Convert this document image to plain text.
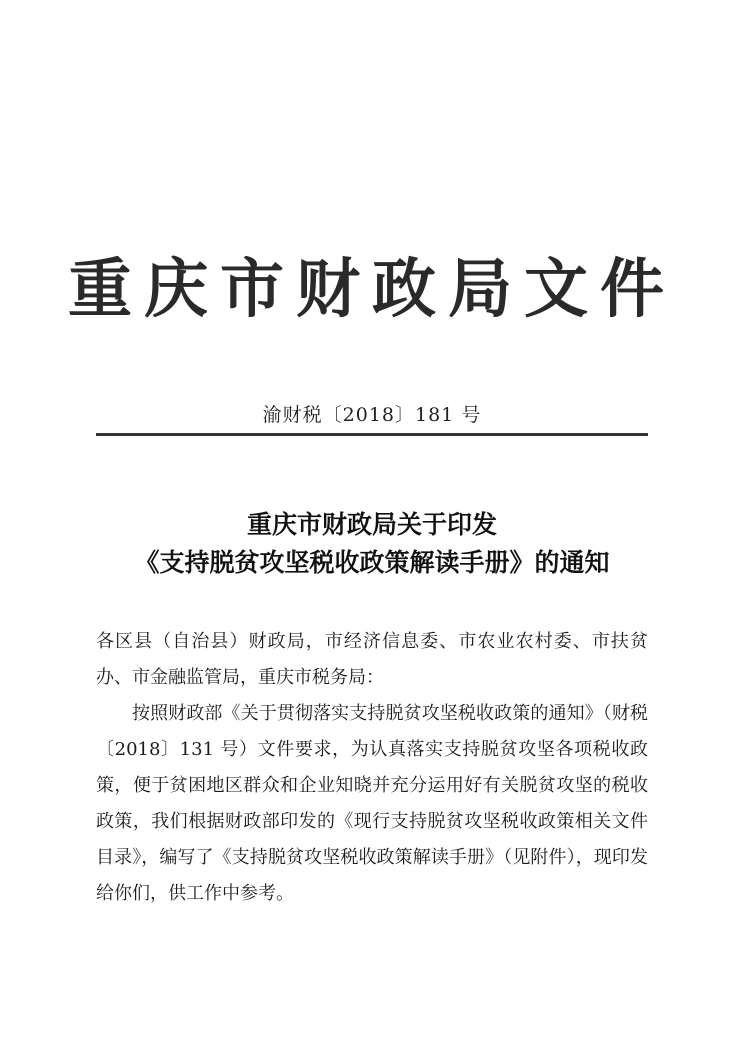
重庆市财政局文件
渝财税〔2018〕181 号
重庆市财政局关于印发
《支持脱贫攻坚税收政策解读手册》的通知

各区县（自治县）财政局，市经济信息委、市农业农村委、市扶贫办、市金融监管局，重庆市税务局：

按照财政部《关于贯彻落实支持脱贫攻坚税收政策的通知》（财税〔2018〕131 号）文件要求，为认真落实支持脱贫攻坚各项税收政策，便于贫困地区群众和企业知晓并充分运用好有关脱贫攻坚的税收政策，我们根据财政部印发的《现行支持脱贫攻坚税收政策相关文件目录》，编写了《支持脱贫攻坚税收政策解读手册》（见附件），现印发给你们，供工作中参考。
